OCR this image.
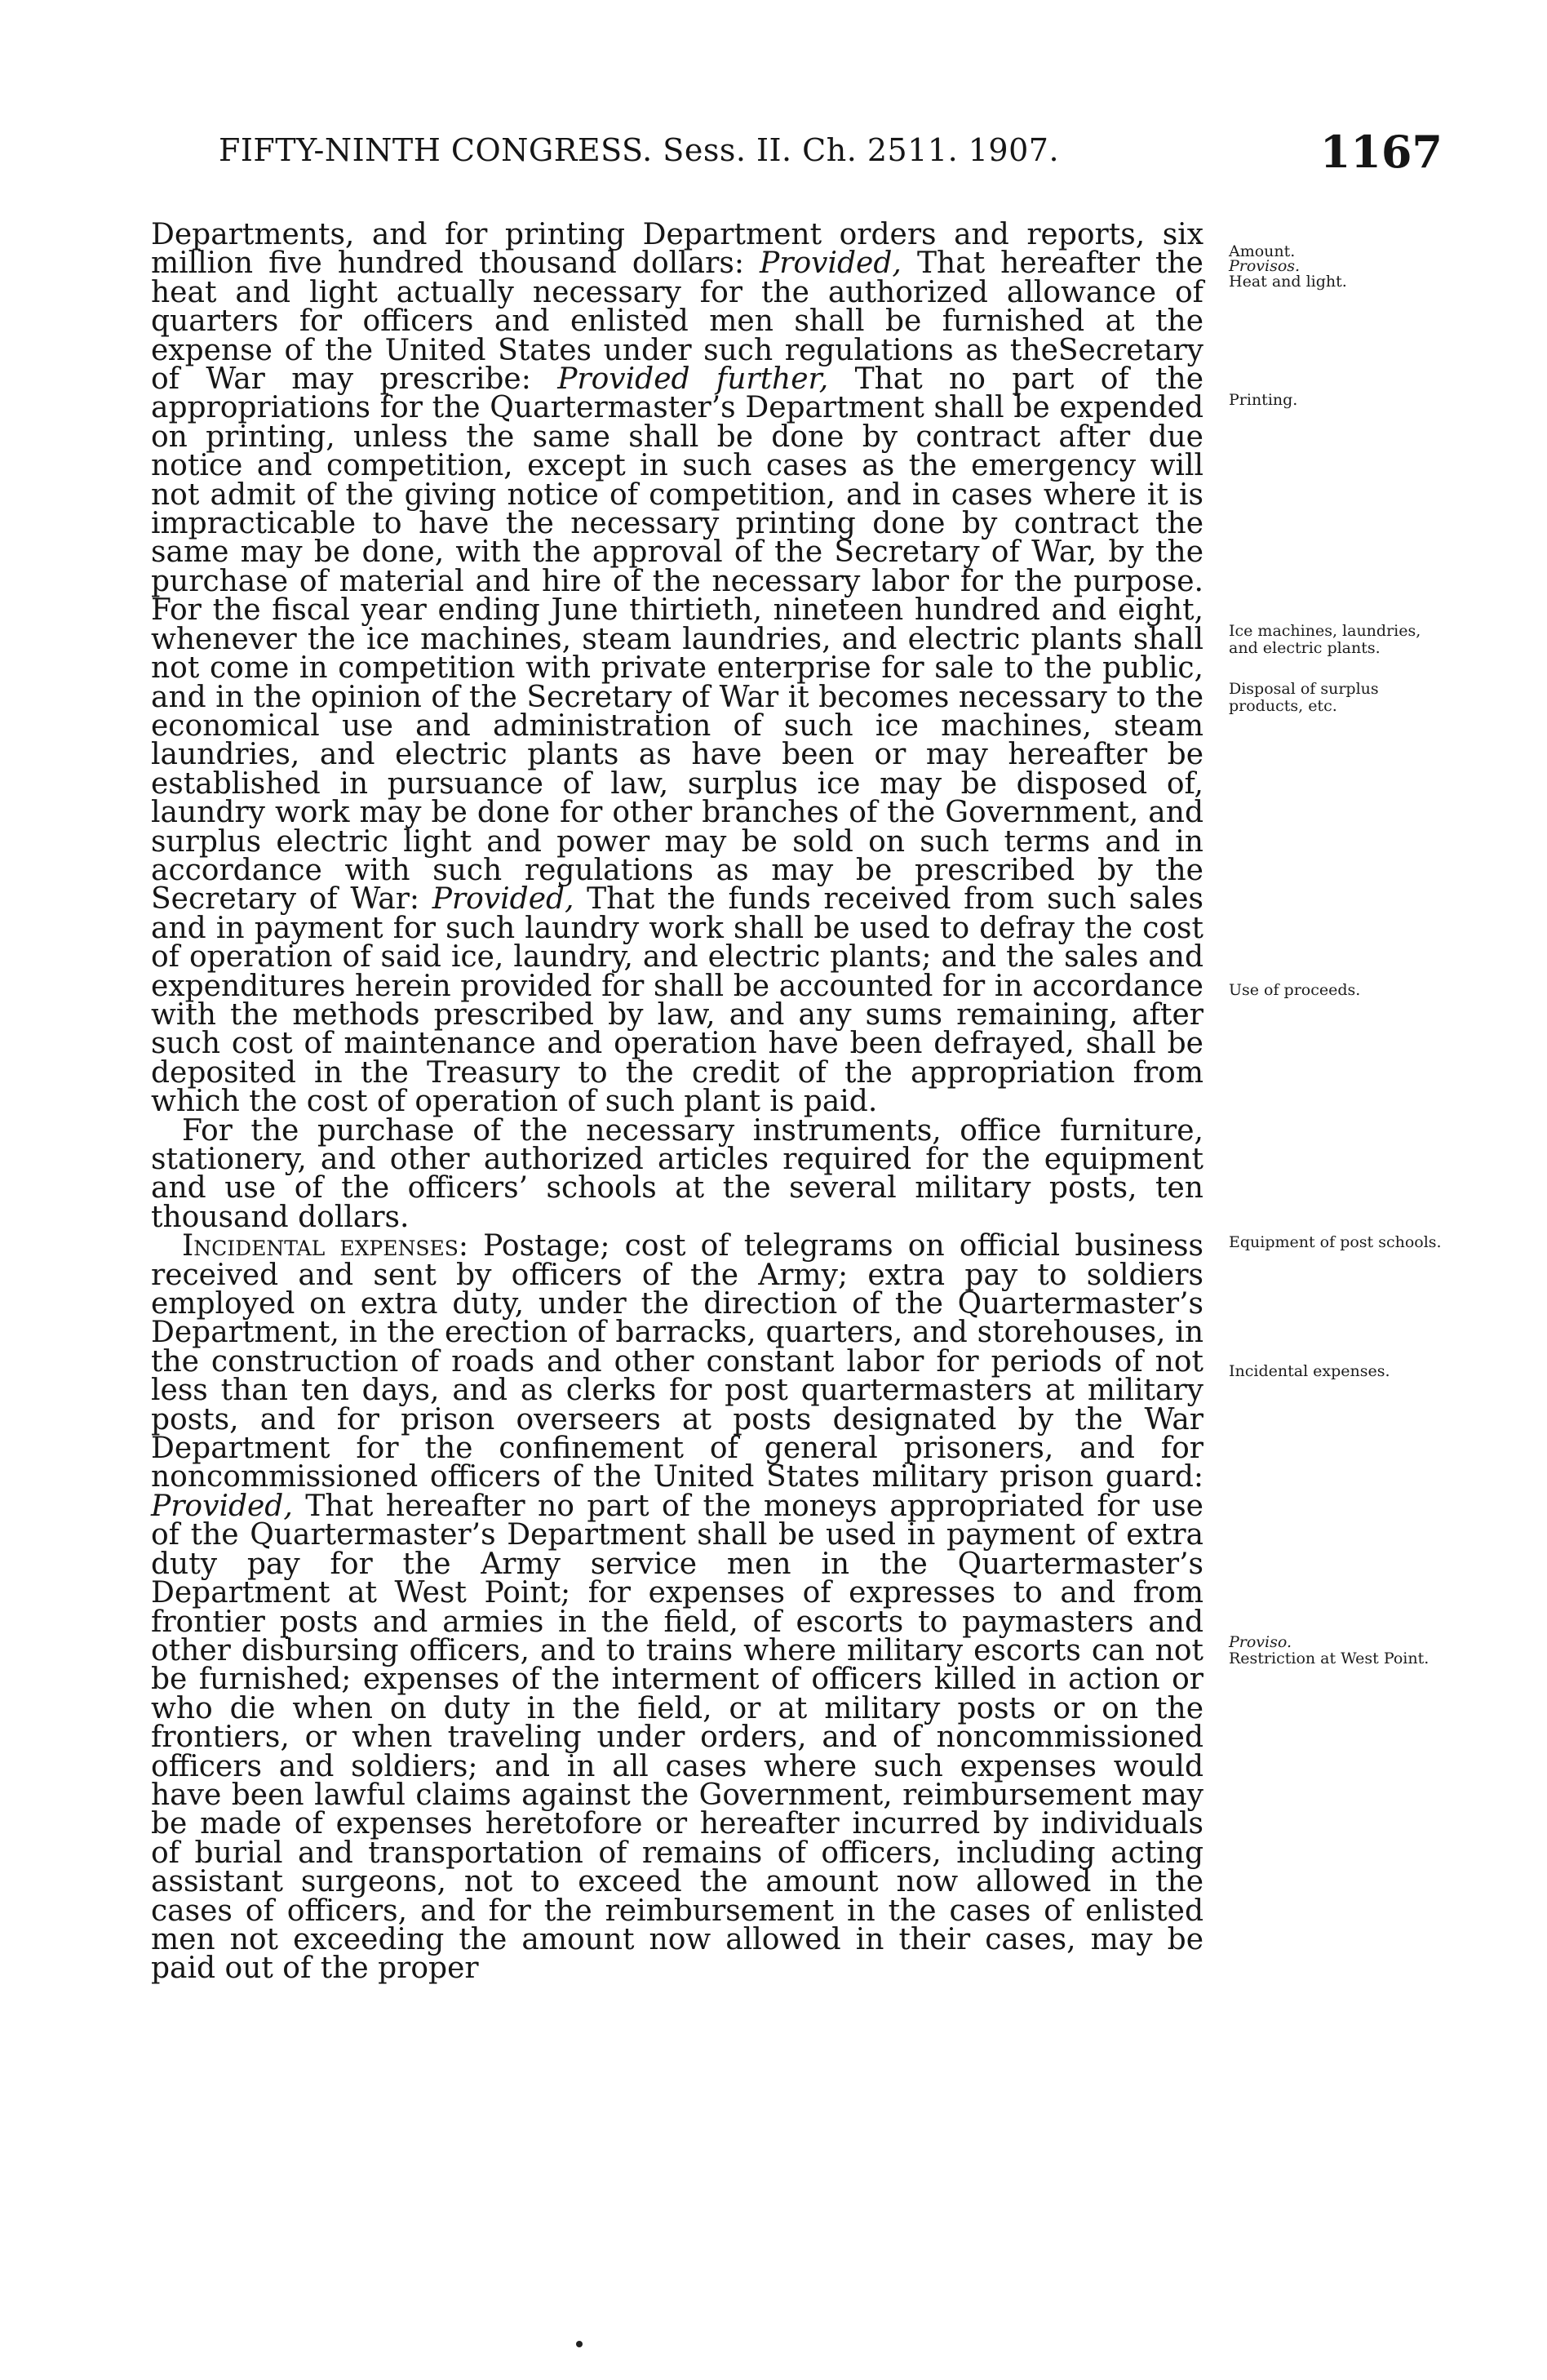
FIFTY-NINTH CONGRESS. Sess. II. Ch. 2511. 1907.	1167

Departments, and for printing Department orders and reports, six million five hundred thousand dollars: Provided, That hereafter the heat and light actually necessary for the authorized allowance of quarters for officers and enlisted men shall be furnished at the expense of the United States under such regulations as theSecretary of War may prescribe: Provided further, That no part of the appropriations for the Quartermaster’s Department shall be expended on printing, unless the same shall be done by contract after due notice and competition, except in such cases as the emergency will not admit of the giving notice of competition, and in cases where it is impracticable to have the necessary printing done by contract the same may be done, with the approval of the Secretary of War, by the purchase of material and hire of the necessary labor for the purpose. For the fiscal year ending June thirtieth, nineteen hundred and eight, whenever the ice machines, steam laundries, and electric plants shall not come in competition with private enterprise for sale to the public, and in the opinion of the Secretary of War it becomes necessary to the economical use and administration of such ice machines, steam laundries, and electric plants as have been or may hereafter be established in pursuance of law, surplus ice may be disposed of, laundry work may be done for other branches of the Government, and surplus electric light and power may be sold on such terms and in accordance with such regulations as may be prescribed by the Secretary of War: Provided, That the funds received from such sales and in payment for such laundry work shall be used to defray the cost of operation of said ice, laundry, and electric plants; and the sales and expenditures herein provided for shall be accounted for in accordance with the methods prescribed by law, and any sums remaining, after such cost of maintenance and operation have been defrayed, shall be deposited in the Treasury to the credit of the appropriation from which the cost of operation of such plant is paid.

For the purchase of the necessary instruments, office furniture, stationery, and other authorized articles required for the equipment and use of the officers’ schools at the several military posts, ten thousand dollars.

Incidental expenses: Postage; cost of telegrams on official business received and sent by officers of the Army; extra pay to soldiers employed on extra duty, under the direction of the Quartermaster’s Department, in the erection of barracks, quarters, and storehouses, in the construction of roads and other constant labor for periods of not less than ten days, and as clerks for post quartermasters at military posts, and for prison overseers at posts designated by the War Department for the confinement of general prisoners, and for noncommissioned officers of the United States military prison guard: Provided, That hereafter no part of the moneys appropriated for use of the Quartermaster’s Department shall be used in payment of extra duty pay for the Army service men in the Quartermaster’s Department at West Point; for expenses of expresses to and from frontier posts and armies in the field, of escorts to paymasters and other disbursing officers, and to trains where military escorts can not be furnished; expenses of the interment of officers killed in action or who die when on duty in the field, or at military posts or on the frontiers, or when traveling under orders, and of noncommissioned officers and soldiers; and in all cases where such expenses would have been lawful claims against the Government, reimbursement may be made of expenses heretofore or hereafter incurred by individuals of burial and transportation of remains of officers, including acting assistant surgeons, not to exceed the amount now allowed in the cases of officers, and for the reimbursement in the cases of enlisted men not exceeding the amount now allowed in their cases, may be paid out of the proper

Amount.
Provisos.
Heat and light.
Printing.
Ice machines, laundries, and electric plants.
Disposal of surplus products, etc.
Use of proceeds.
Equipment of post schools.
Incidental expenses.
Proviso.
Restriction at West Point.
